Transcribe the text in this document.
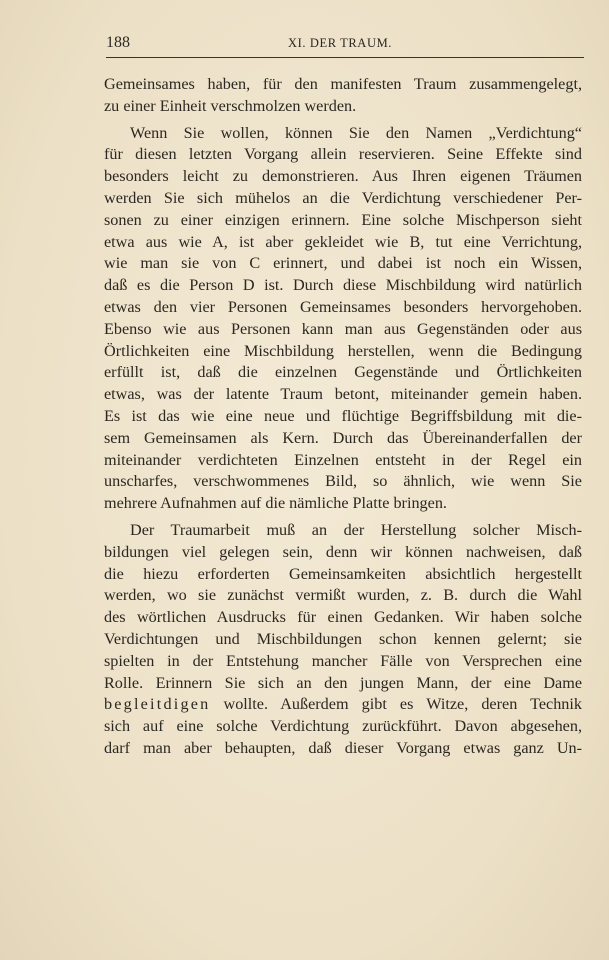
188	XI. DER TRAUM.
Gemeinsames haben, für den manifesten Traum zusammengelegt,
zu einer Einheit verschmolzen werden.
Wenn Sie wollen, können Sie den Namen „Verdichtung“
für diesen letzten Vorgang allein reservieren. Seine Effekte sind
besonders leicht zu demonstrieren. Aus Ihren eigenen Träumen
werden Sie sich mühelos an die Verdichtung verschiedener Per-
sonen zu einer einzigen erinnern. Eine solche Mischperson sieht
etwa aus wie A, ist aber gekleidet wie B, tut eine Verrichtung,
wie man sie von C erinnert, und dabei ist noch ein Wissen,
daß es die Person D ist. Durch diese Mischbildung wird natürlich
etwas den vier Personen Gemeinsames besonders hervorgehoben.
Ebenso wie aus Personen kann man aus Gegenständen oder aus
Örtlichkeiten eine Mischbildung herstellen, wenn die Bedingung
erfüllt ist, daß die einzelnen Gegenstände und Örtlichkeiten
etwas, was der latente Traum betont, miteinander gemein haben.
Es ist das wie eine neue und flüchtige Begriffsbildung mit die-
sem Gemeinsamen als Kern. Durch das Übereinanderfallen der
miteinander verdichteten Einzelnen entsteht in der Regel ein
unscharfes, verschwommenes Bild, so ähnlich, wie wenn Sie
mehrere Aufnahmen auf die nämliche Platte bringen.
Der Traumarbeit muß an der Herstellung solcher Misch-
bildungen viel gelegen sein, denn wir können nachweisen, daß
die hiezu erforderten Gemeinsamkeiten absichtlich hergestellt
werden, wo sie zunächst vermißt wurden, z. B. durch die Wahl
des wörtlichen Ausdrucks für einen Gedanken. Wir haben solche
Verdichtungen und Mischbildungen schon kennen gelernt; sie
spielten in der Entstehung mancher Fälle von Versprechen eine
Rolle. Erinnern Sie sich an den jungen Mann, der eine Dame
begleitdigen wollte. Außerdem gibt es Witze, deren Technik
sich auf eine solche Verdichtung zurückführt. Davon abgesehen,
darf man aber behaupten, daß dieser Vorgang etwas ganz Un-
